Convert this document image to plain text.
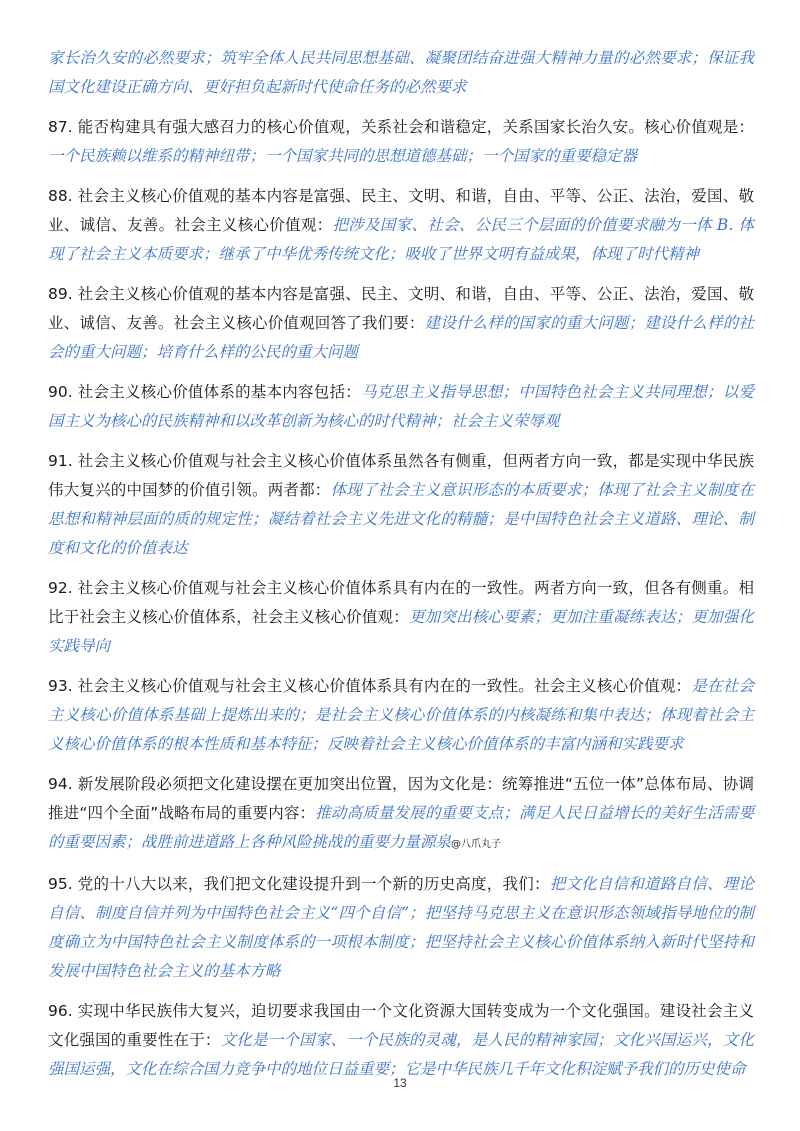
家长治久安的必然要求；筑牢全体人民共同思想基础、凝聚团结奋进强大精神力量的必然要求；保证我国文化建设正确方向、更好担负起新时代使命任务的必然要求

87. 能否构建具有强大感召力的核心价值观，关系社会和谐稳定，关系国家长治久安。核心价值观是：一个民族赖以维系的精神纽带；一个国家共同的思想道德基础；一个国家的重要稳定器

88. 社会主义核心价值观的基本内容是富强、民主、文明、和谐，自由、平等、公正、法治，爱国、敬业、诚信、友善。社会主义核心价值观：把涉及国家、社会、公民三个层面的价值要求融为一体 B. 体现了社会主义本质要求；继承了中华优秀传统文化；吸收了世界文明有益成果，体现了时代精神

89. 社会主义核心价值观的基本内容是富强、民主、文明、和谐，自由、平等、公正、法治，爱国、敬业、诚信、友善。社会主义核心价值观回答了我们要：建设什么样的国家的重大问题；建设什么样的社会的重大问题；培育什么样的公民的重大问题

90. 社会主义核心价值体系的基本内容包括：马克思主义指导思想；中国特色社会主义共同理想；以爱国主义为核心的民族精神和以改革创新为核心的时代精神；社会主义荣辱观

91. 社会主义核心价值观与社会主义核心价值体系虽然各有侧重，但两者方向一致，都是实现中华民族伟大复兴的中国梦的价值引领。两者都：体现了社会主义意识形态的本质要求；体现了社会主义制度在思想和精神层面的质的规定性；凝结着社会主义先进文化的精髓；是中国特色社会主义道路、理论、制度和文化的价值表达

92. 社会主义核心价值观与社会主义核心价值体系具有内在的一致性。两者方向一致，但各有侧重。相比于社会主义核心价值体系，社会主义核心价值观：更加突出核心要素；更加注重凝练表达；更加强化实践导向

93. 社会主义核心价值观与社会主义核心价值体系具有内在的一致性。社会主义核心价值观：是在社会主义核心价值体系基础上提炼出来的；是社会主义核心价值体系的内核凝练和集中表达；体现着社会主义核心价值体系的根本性质和基本特征；反映着社会主义核心价值体系的丰富内涵和实践要求

94. 新发展阶段必须把文化建设摆在更加突出位置，因为文化是：统筹推进“五位一体”总体布局、协调推进“四个全面”战略布局的重要内容：推动高质量发展的重要支点；满足人民日益增长的美好生活需要的重要因素；战胜前进道路上各种风险挑战的重要力量源泉@八爪丸子

95. 党的十八大以来，我们把文化建设提升到一个新的历史高度，我们：把文化自信和道路自信、理论自信、制度自信并列为中国特色社会主义“四个自信”；把坚持马克思主义在意识形态领域指导地位的制度确立为中国特色社会主义制度体系的一项根本制度；把坚持社会主义核心价值体系纳入新时代坚持和发展中国特色社会主义的基本方略

96. 实现中华民族伟大复兴，迫切要求我国由一个文化资源大国转变成为一个文化强国。建设社会主义文化强国的重要性在于：文化是一个国家、一个民族的灵魂，是人民的精神家园；文化兴国运兴，文化强国运强，文化在综合国力竞争中的地位日益重要；它是中华民族几千年文化积淀赋予我们的历史使命

13
